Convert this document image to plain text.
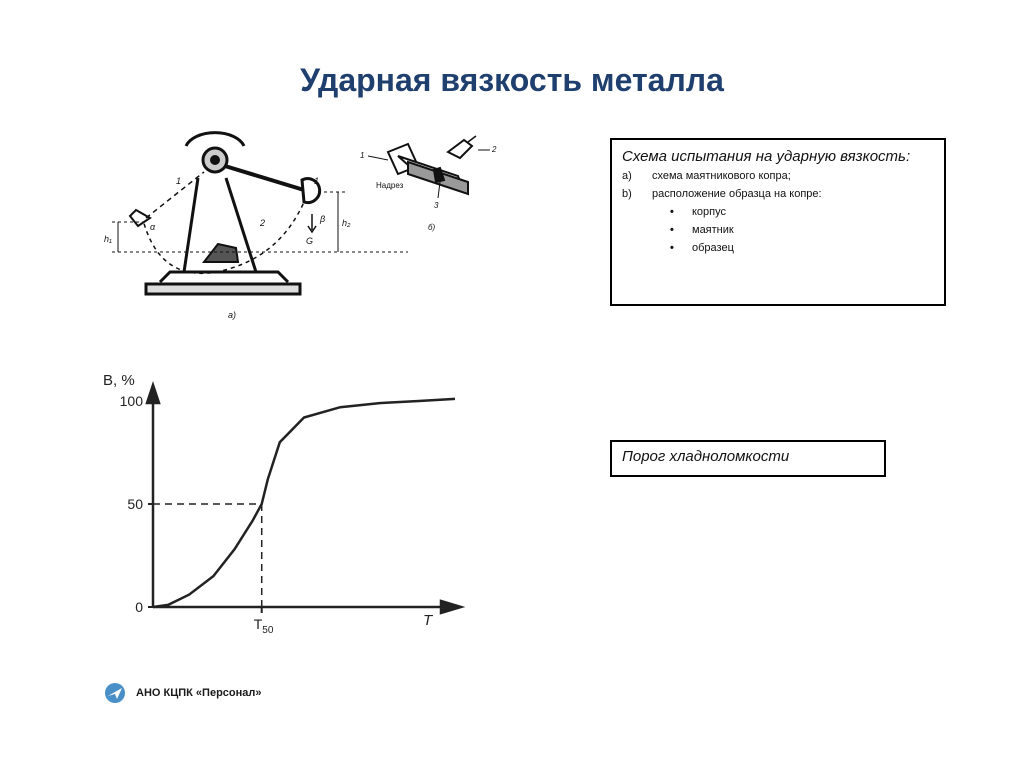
Ударная вязкость металла
1	1
2
h₁
h₂
α
β
G
а)
1
2
3
Надрез
б)
В, %
T
100
50
0
$T_{50}$
Схема испытания на ударную вязкость:
a)	схема маятникового копра;
b)	расположение образца на копре:
•	корпус
•	маятник
•	образец
Порог хладноломкости
АНО КЦПК «Персонал»
